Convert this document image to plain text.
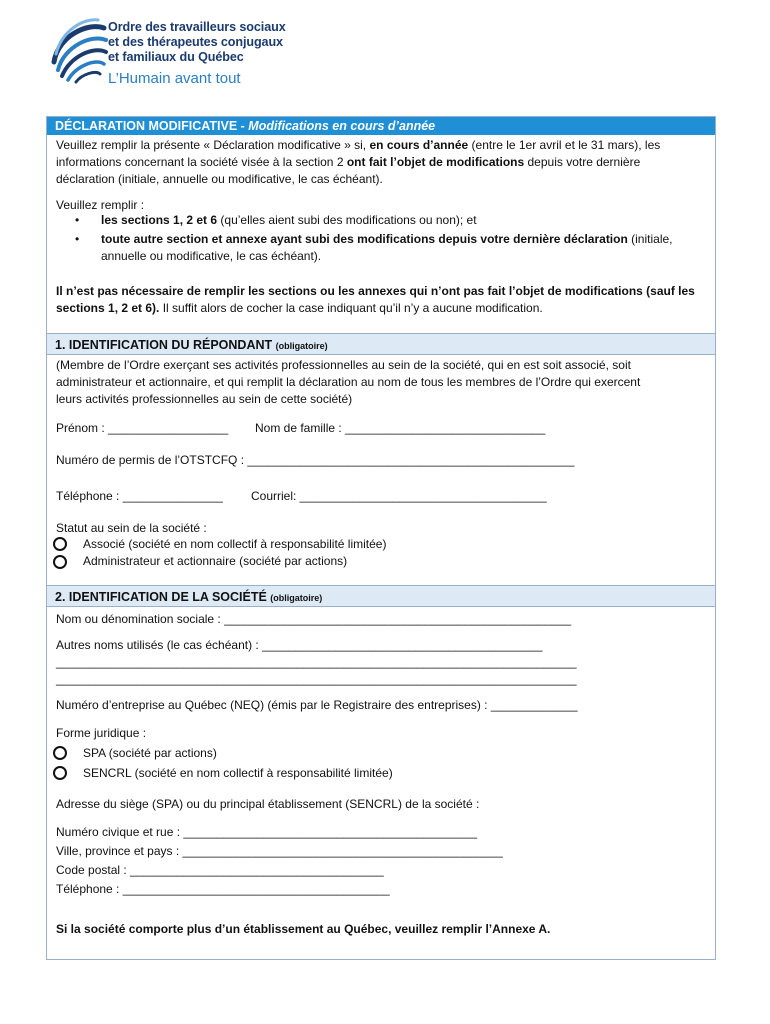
Ordre des travailleurs sociaux
et des thérapeutes conjugaux
et familiaux du Québec
L’Humain avant tout
DÉCLARATION MODIFICATIVE - Modifications en cours d’année
Veuillez remplir la présente « Déclaration modificative » si, en cours d’année (entre le 1er avril et le 31 mars), les
informations concernant la société visée à la section 2 ont fait l’objet de modifications depuis votre dernière
déclaration (initiale, annuelle ou modificative, le cas échéant).
Veuillez remplir :
• les sections 1, 2 et 6 (qu’elles aient subi des modifications ou non); et
• toute autre section et annexe ayant subi des modifications depuis votre dernière déclaration (initiale,
annuelle ou modificative, le cas échéant).
Il n’est pas nécessaire de remplir les sections ou les annexes qui n’ont pas fait l’objet de modifications (sauf les
sections 1, 2 et 6). Il suffit alors de cocher la case indiquant qu’il n’y a aucune modification.
1. IDENTIFICATION DU RÉPONDANT (obligatoire)
(Membre de l’Ordre exerçant ses activités professionnelles au sein de la société, qui en est soit associé, soit
administrateur et actionnaire, et qui remplit la déclaration au nom de tous les membres de l’Ordre qui exercent
leurs activités professionnelles au sein de cette société)
Prénom : __________________	Nom de famille : ______________________________
Numéro de permis de l’OTSTCFQ : _________________________________________________
Téléphone : _______________	Courriel: _____________________________________
Statut au sein de la société :
Associé (société en nom collectif à responsabilité limitée)
Administrateur et actionnaire (société par actions)
2. IDENTIFICATION DE LA SOCIÉTÉ (obligatoire)
Nom ou dénomination sociale : ____________________________________________________
Autres noms utilisés (le cas échéant) : __________________________________________
______________________________________________________________________________
______________________________________________________________________________
Numéro d’entreprise au Québec (NEQ) (émis par le Registraire des entreprises) : _____________
Forme juridique :
SPA (société par actions)
SENCRL (société en nom collectif à responsabilité limitée)
Adresse du siège (SPA) ou du principal établissement (SENCRL) de la société :
Numéro civique et rue : ____________________________________________
Ville, province et pays : ________________________________________________
Code postal : ______________________________________
Téléphone : ________________________________________
Si la société comporte plus d’un établissement au Québec, veuillez remplir l’Annexe A.
